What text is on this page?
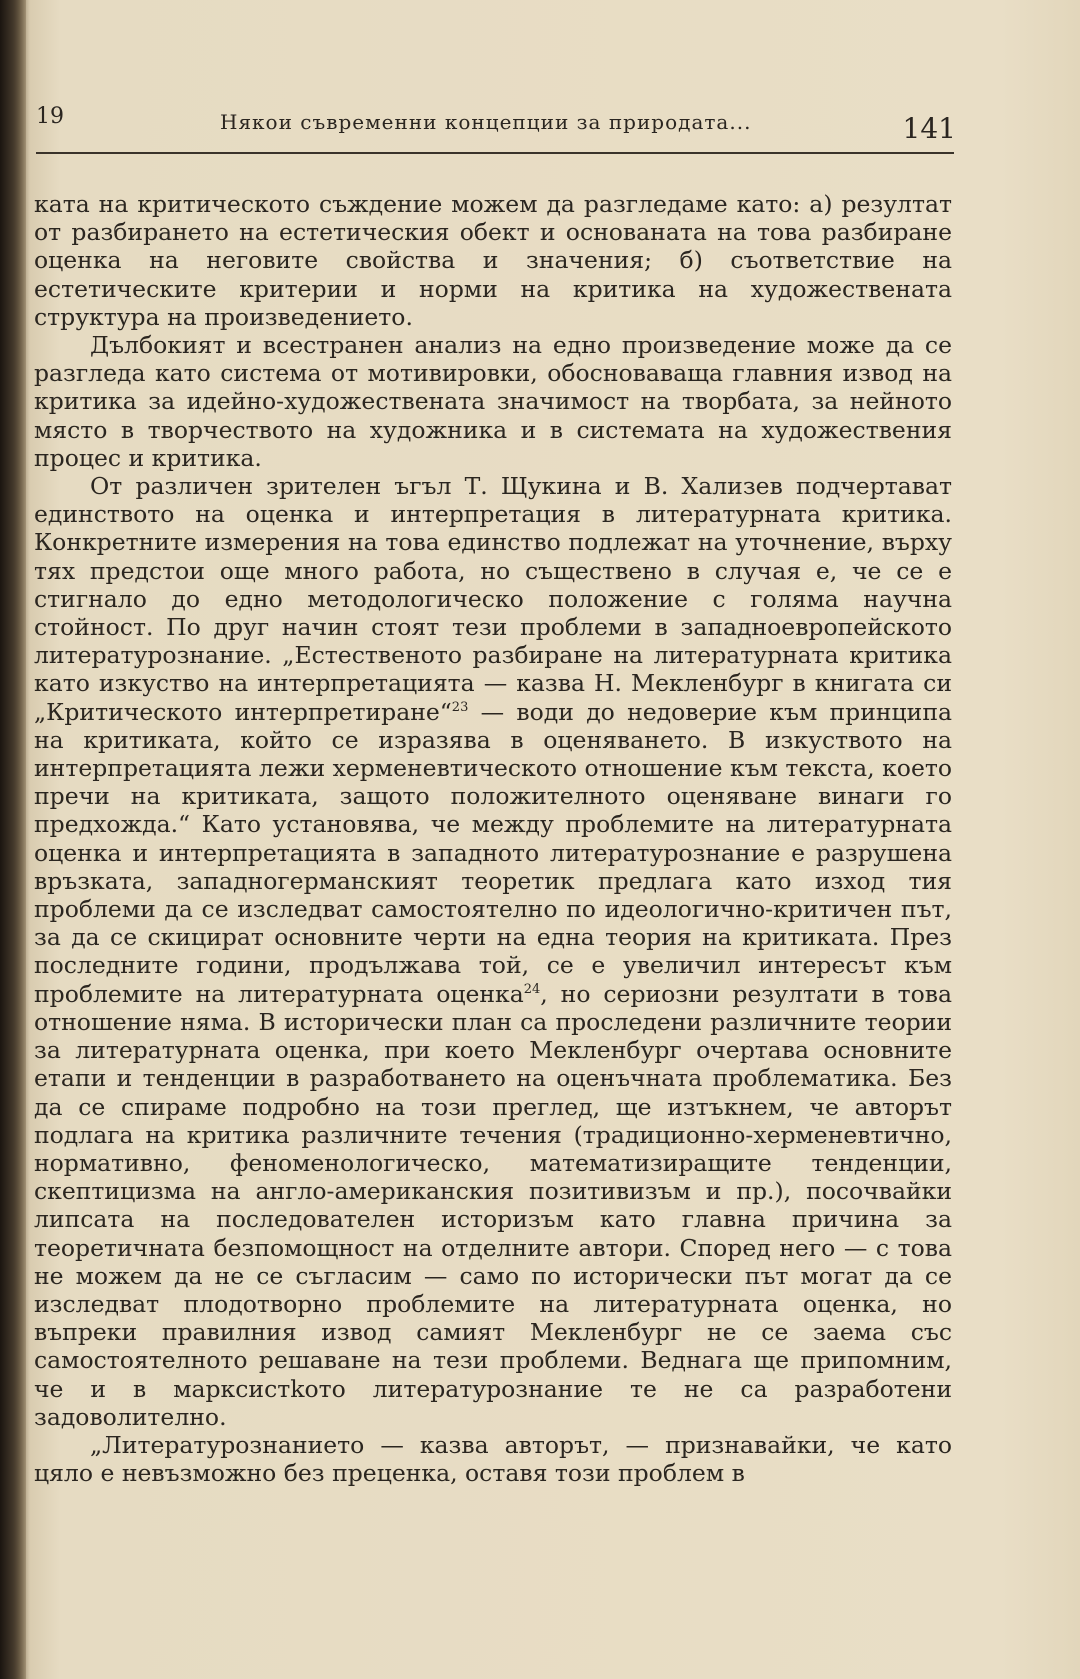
19	Някои съвременни концепции за природата...	141

ката на критическото съждение можем да разгледаме като: а) резултат от разбирането на естетическия обект и основаната на това разбиране оценка на неговите свойства и значения; б) съответствие на естетическите критерии и норми на критика на художествената структура на произведението.

Дълбокият и всестранен анализ на едно произведение може да се разгледа като система от мотивировки, обосноваваща главния извод на критика за идейно-художествената значимост на творбата, за нейното място в творчеството на художника и в системата на художествения процес и критика.

От различен зрителен ъгъл Т. Щукина и В. Хализев подчертават единството на оценка и интерпретация в литературната критика. Конкретните измерения на това единство подлежат на уточнение, върху тях предстои още много работа, но съществено в случая е, че се е стигнало до едно методологическо положение с голяма научна стойност. По друг начин стоят тези проблеми в западноевропейското литературознание. „Естественото разбиране на литературната критика като изкуство на интерпретацията — казва Н. Мекленбург в книгата си „Критическото интерпретиране“$^{23}$ — води до недоверие към принципа на критиката, който се изразява в оценяването. В изкуството на интерпретацията лежи херменевтическото отношение към текста, което пречи на критиката, защото положителното оценяване винаги го предхожда.“ Като установява, че между проблемите на литературната оценка и интерпретацията в западното литературознание е разрушена връзката, западногерманският теоретик предлага като изход тия проблеми да се изследват самостоятелно по идеологично-критичен път, за да се скицират основните черти на една теория на критиката. През последните години, продължава той, се е увеличил интересът към проблемите на литературната оценка$^{24}$, но сериозни резултати в това отношение няма. В исторически план са проследени различните теории за литературната оценка, при което Мекленбург очертава основните етапи и тенденции в разработването на оценъчната проблематика. Без да се спираме подробно на този преглед, ще изтъкнем, че авторът подлага на критика различните течения (традиционно-херменевтично, нормативно, феноменологическо, математизиращите тенденции, скептицизма на англо-американския позитивизъм и пр.), посочвайки липсата на последователен историзъм като главна причина за теоретичната безпомощност на отделните автори. Според него — с това не можем да не се съгласим — само по исторически път могат да се изследват плодотворно проблемите на литературната оценка, но въпреки правилния извод самият Мекленбург не се заема със самостоятелното решаване на тези проблеми. Веднага ще припомним, че и в марксистkото литературознание те не са разработени задоволително.

„Литературознанието — казва авторът, — признавайки, че като цяло е невъзможно без преценка, оставя този проблем в
